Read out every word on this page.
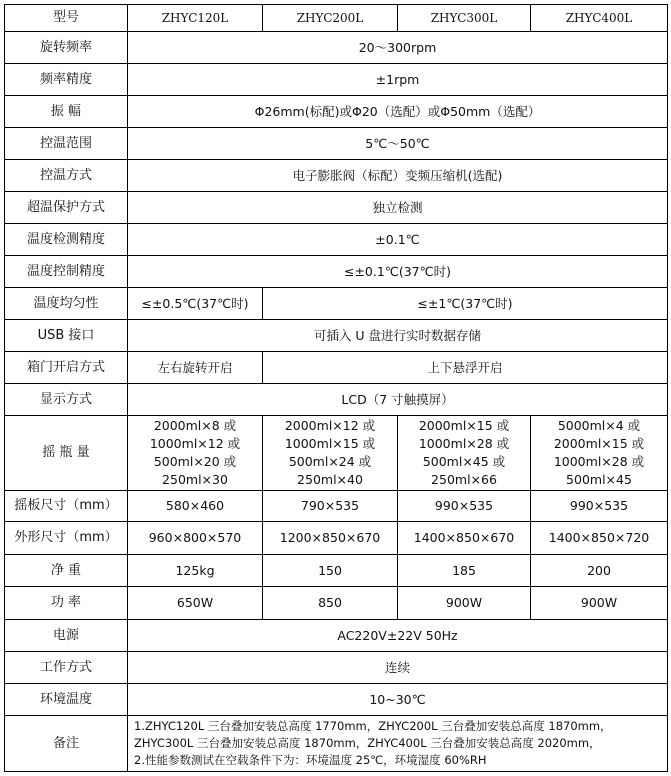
型号	ZHYC120L	ZHYC200L	ZHYC300L	ZHYC400L
旋转频率	20～300rpm			
频率精度	±1rpm			
振 幅	Φ26mm(标配)或Φ20（选配）或Φ50mm（选配）			
控温范围	5℃～50℃			
控温方式	电子膨胀阀（标配）变频压缩机(选配)			
超温保护方式	独立检测			
温度检测精度	±0.1℃			
温度控制精度	≤±0.1℃(37℃时)			
温度均匀性	≤±0.5℃(37℃时)	≤±1℃(37℃时)		
USB 接口	可插入 U 盘进行实时数据存储			
箱门开启方式	左右旋转开启	上下悬浮开启		
显示方式	LCD（7 寸触摸屏）			
摇 瓶 量	2000ml×8 或
1000ml×12 或
500ml×20 或
250ml×30	2000ml×12 或
1000ml×15 或
500ml×24 或
250ml×40	2000ml×15 或
1000ml×28 或
500ml×45 或
250ml×66	5000ml×4 或
2000ml×15 或
1000ml×28 或
500ml×45

摇板尺寸（mm）	580×460	790×535	990×535	990×535
外形尺寸（mm）	960×800×570	1200×850×670	1400×850×670	1400×850×720
净 重	125kg	150	185	200
功 率	650W	850	900W	900W
电源	AC220V±22V 50Hz			
工作方式	连续			
环境温度	10~30℃			
备注	1.ZHYC120L 三台叠加安装总高度 1770mm，ZHYC200L 三台叠加安装总高度 1870mm，
ZHYC300L 三台叠加安装总高度 1870mm，ZHYC400L 三台叠加安装总高度 2020mm，
2.性能参数测试在空载条件下为：环境温度 25℃，环境湿度 60%RH			
